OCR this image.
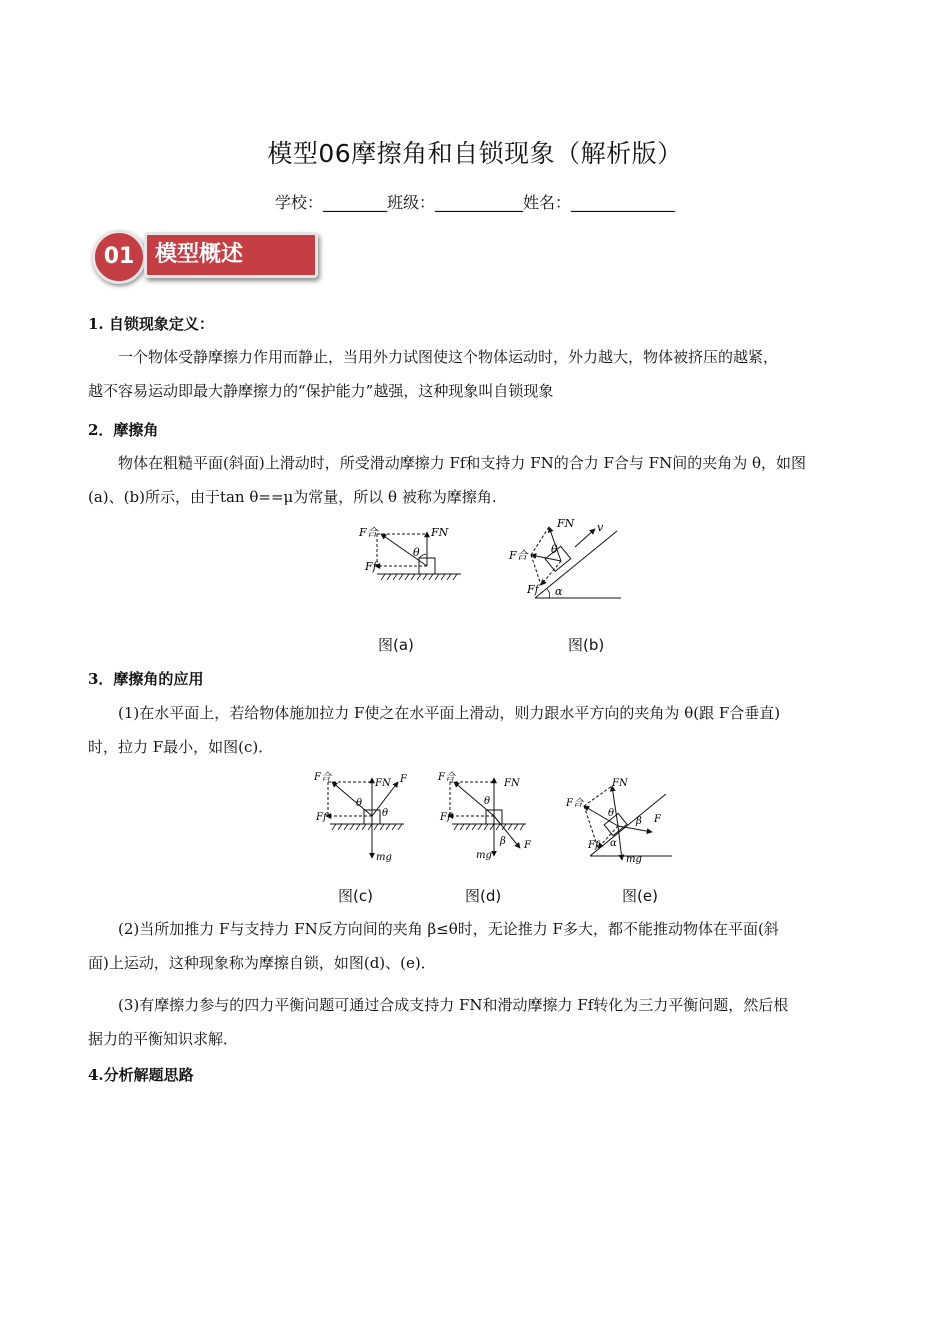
模型06摩擦角和自锁现象（解析版）
学校：________班级：___________姓名：_____________
01 模型概述
1. 自锁现象定义：
一个物体受静摩擦力作用而静止，当用外力试图使这个物体运动时，外力越大，物体被挤压的越紧，
越不容易运动即最大静摩擦力的“保护能力”越强，这种现象叫自锁现象
2．摩擦角
物体在粗糙平面(斜面)上滑动时，所受滑动摩擦力 Ff和支持力 FN的合力 F合与 FN间的夹角为 θ，如图
(a)、(b)所示，由于tan θ==μ为常量，所以 θ 被称为摩擦角.
F合	FN
θ
Ff
FN v
F合 θ
Ff α
图(a)	图(b)
3．摩擦角的应用
(1)在水平面上，若给物体施加拉力 F使之在水平面上滑动，则力跟水平方向的夹角为 θ(跟 F合垂直)
时，拉力 F最小，如图(c)．
F合
FN F
θ
θ
Ff
mg
F合
FN
θ
Ff
β F
mg
FN
F合
θ
β F
Ff α
mg
图(c)	图(d)	图(e)
(2)当所加推力 F与支持力 FN反方向间的夹角 β≤θ时，无论推力 F多大，都不能推动物体在平面(斜
面)上运动，这种现象称为摩擦自锁，如图(d)、(e)．
(3)有摩擦力参与的四力平衡问题可通过合成支持力 FN和滑动摩擦力 Ff转化为三力平衡问题，然后根
据力的平衡知识求解．
4.分析解题思路
